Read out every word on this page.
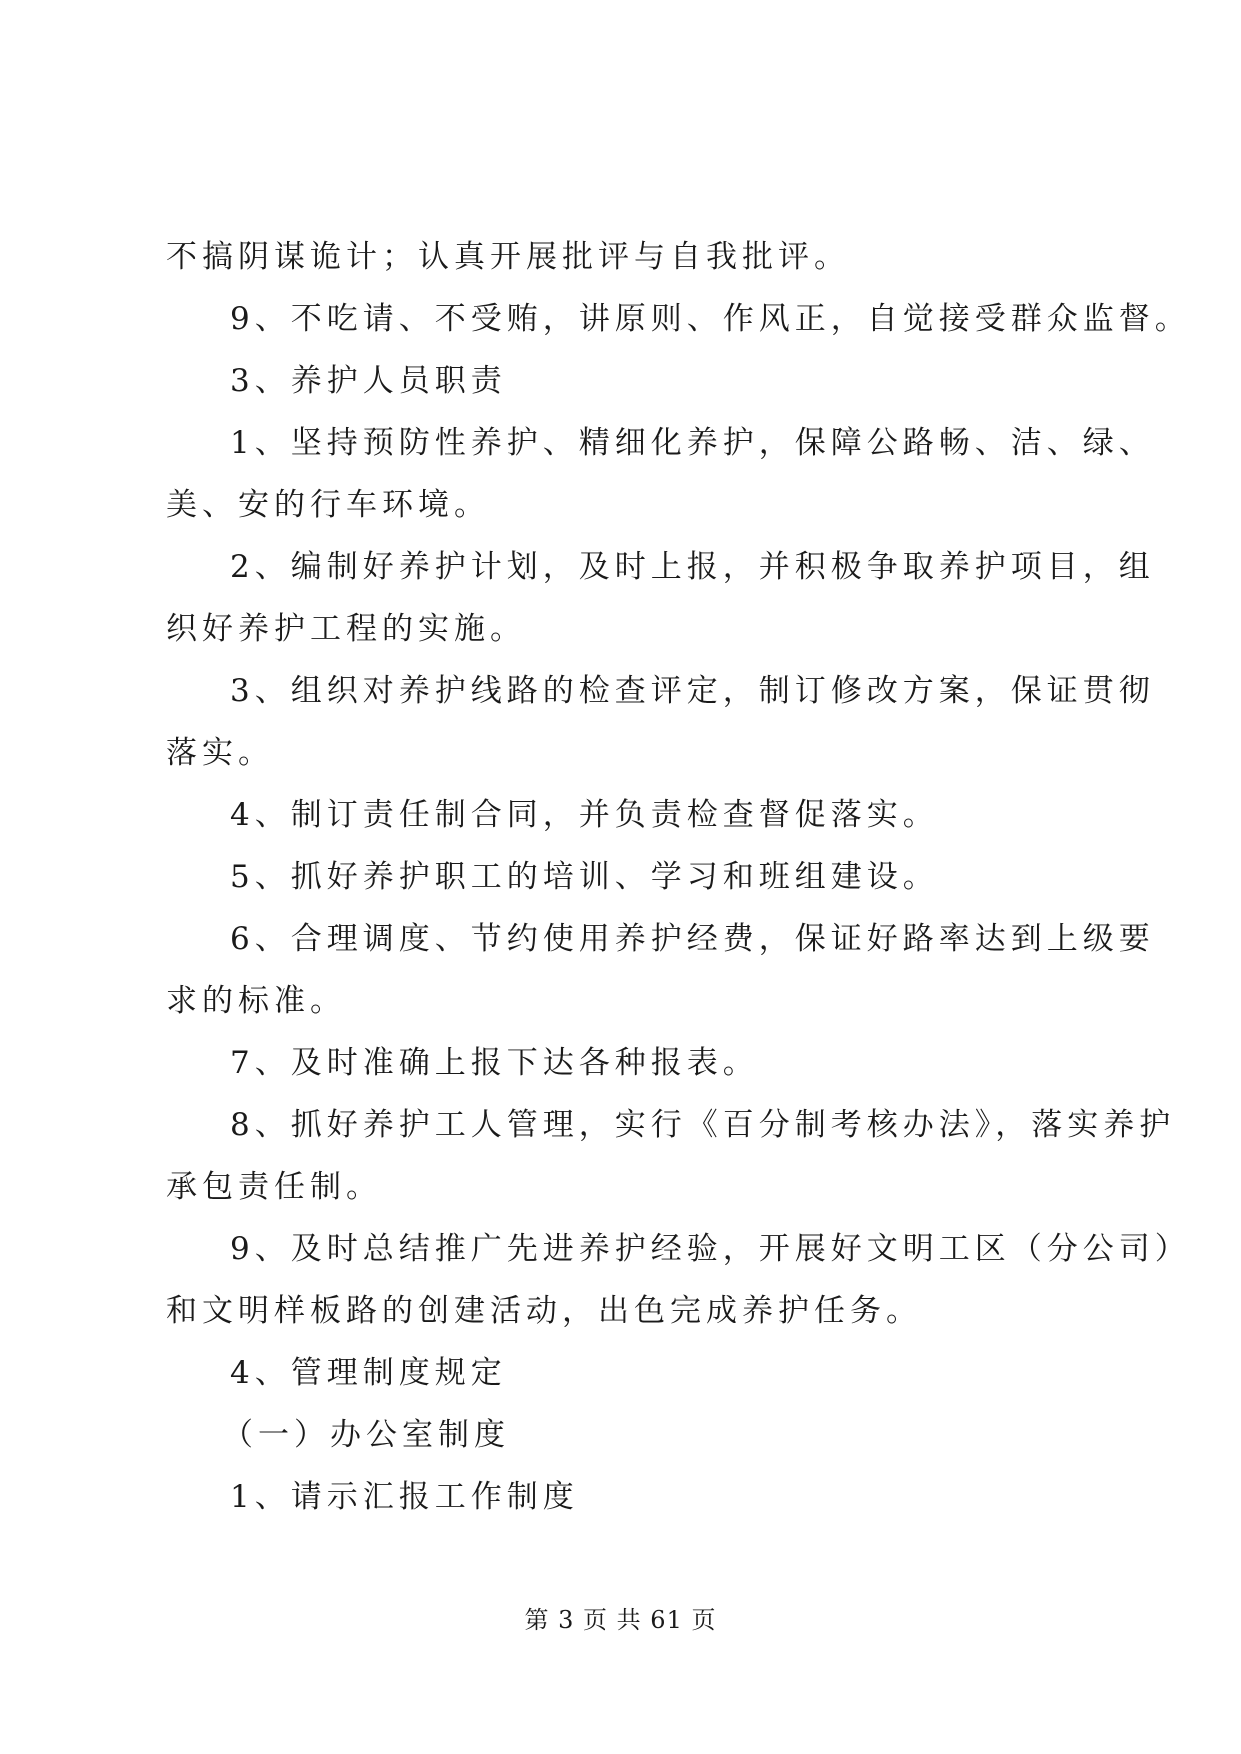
不搞阴谋诡计；认真开展批评与自我批评。

9、不吃请、不受贿，讲原则、作风正，自觉接受群众监督。

3、养护人员职责

1、坚持预防性养护、精细化养护，保障公路畅、洁、绿、

美、安的行车环境。

2、编制好养护计划，及时上报，并积极争取养护项目，组

织好养护工程的实施。

3、组织对养护线路的检查评定，制订修改方案，保证贯彻

落实。

4、制订责任制合同，并负责检查督促落实。

5、抓好养护职工的培训、学习和班组建设。

6、合理调度、节约使用养护经费，保证好路率达到上级要

求的标准。

7、及时准确上报下达各种报表。

8、抓好养护工人管理，实行《百分制考核办法》，落实养护

承包责任制。

9、及时总结推广先进养护经验，开展好文明工区（分公司）

和文明样板路的创建活动，出色完成养护任务。

4、管理制度规定

（一）办公室制度

1、请示汇报工作制度

第 3 页 共 61 页
